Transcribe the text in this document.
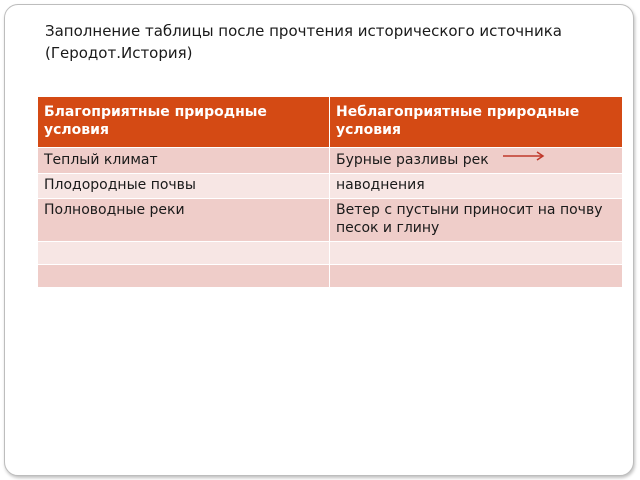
Заполнение таблицы после прочтения исторического источника
(Геродот.История)
Благоприятные природные условия	Неблагоприятные природные условия
Теплый климат	Бурные разливы рек
Плодородные почвы	наводнения
Полноводные реки	Ветер с пустыни приносит на почву песок и глину
